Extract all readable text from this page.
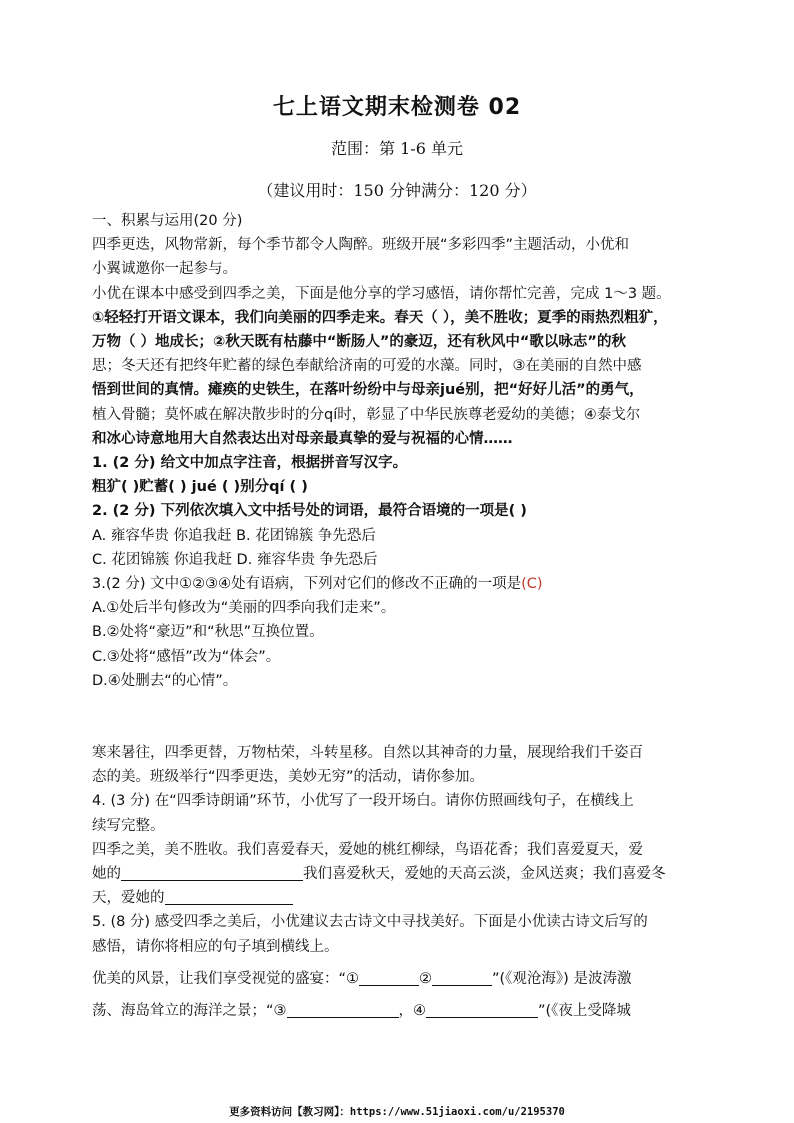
七上语文期末检测卷 02
范围：第 1-6 单元
（建议用时：150 分钟满分：120 分）

一、积累与运用(20 分)

四季更迭，风物常新，每个季节都令人陶醉。班级开展“多彩四季”主题活动，小优和

小翼诚邀你一起参与。

小优在课本中感受到四季之美，下面是他分享的学习感悟，请你帮忙完善，完成 1～3 题。

①轻轻打开语文课本，我们向美丽的四季走来。春天（ ），美不胜收；夏季的雨热烈粗犷，

万物（ ）地成长；②秋天既有枯藤中“断肠人”的豪迈，还有秋风中“歌以咏志”的秋

思；冬天还有把终年贮蓄的绿色奉献给济南的可爱的水藻。同时，③在美丽的自然中感

悟到世间的真情。瘫痪的史铁生，在落叶纷纷中与母亲jué别，把“好好儿活”的勇气，

植入骨髓；莫怀戚在解决散步时的分qí时，彰显了中华民族尊老爱幼的美德；④泰戈尔

和冰心诗意地用大自然表达出对母亲最真挚的爱与祝福的心情……

1. (2 分) 给文中加点字注音，根据拼音写汉字。

粗犷( )贮蓄( ) jué ( )别分qí ( )

2. (2 分) 下列依次填入文中括号处的词语，最符合语境的一项是( )

A. 雍容华贵 你追我赶 B. 花团锦簇 争先恐后

C. 花团锦簇 你追我赶 D. 雍容华贵 争先恐后

3.(2 分) 文中①②③④处有语病，下列对它们的修改不正确的一项是(C)

A.①处后半句修改为“美丽的四季向我们走来”。

B.②处将“豪迈”和“秋思”互换位置。

C.③处将“感悟”改为“体会”。

D.④处删去“的心情”。

寒来暑往，四季更替，万物枯荣，斗转星移。自然以其神奇的力量，展现给我们千姿百

态的美。班级举行“四季更迭，美妙无穷”的活动，请你参加。

4. (3 分) 在“四季诗朗诵”环节，小优写了一段开场白。请你仿照画线句子，在横线上

续写完整。

四季之美，美不胜收。我们喜爱春天，爱她的桃红柳绿，鸟语花香；我们喜爱夏天，爱

她的	我们喜爱秋天，爱她的天高云淡，金风送爽；我们喜爱冬

天，爱她的

5. (8 分) 感受四季之美后，小优建议去古诗文中寻找美好。下面是小优读古诗文后写的

感悟，请你将相应的句子填到横线上。

优美的风景，让我们享受视觉的盛宴：“①	②	”(《观沧海》) 是波涛激

荡、海岛耸立的海洋之景；“③	，④	”(《夜上受降城

更多资料访问【教习网】：https://www.51jiaoxi.com/u/2195370
